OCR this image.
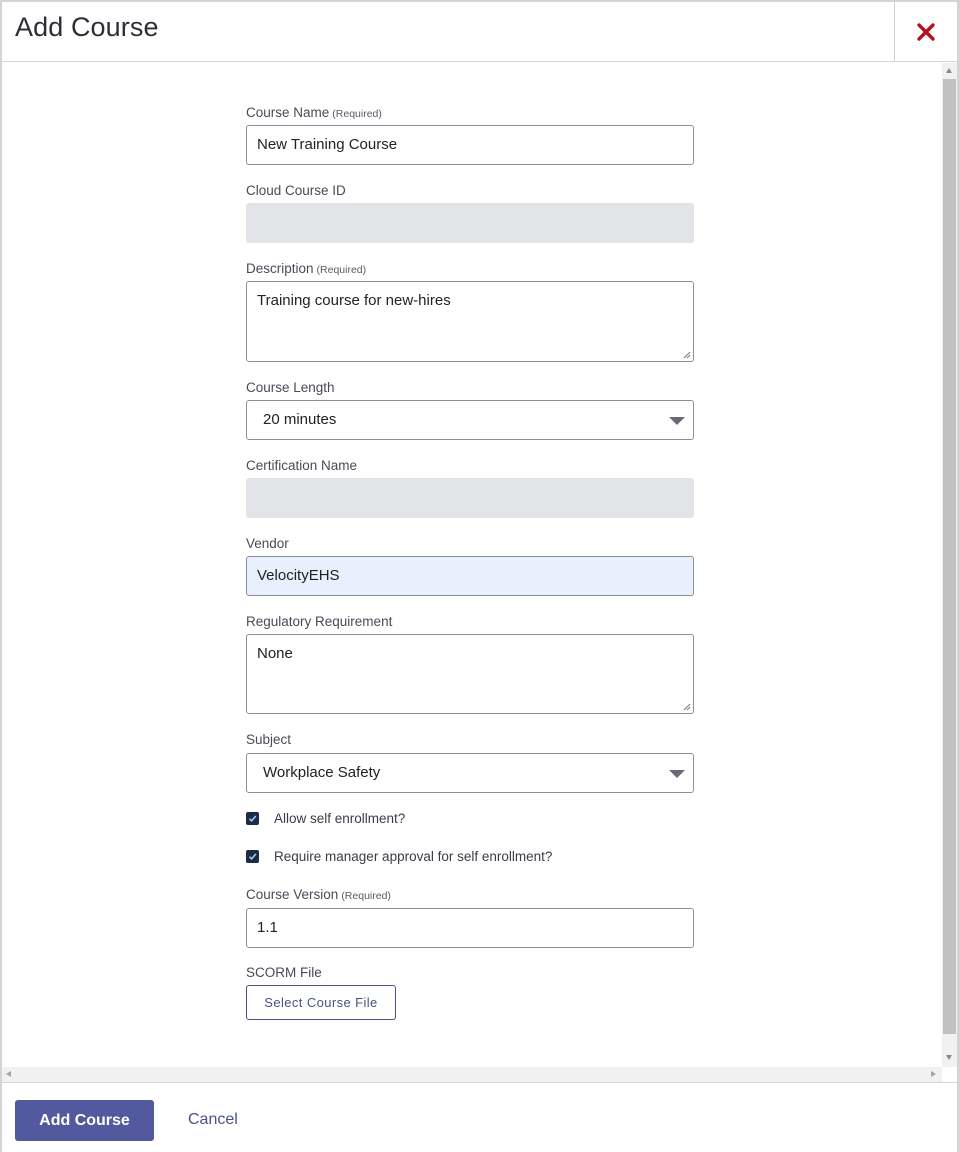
Add Course
Course Name (Required)
New Training Course
Cloud Course ID
Description (Required)
Training course for new-hires
Course Length
20 minutes
Certification Name
Vendor
VelocityEHS
Regulatory Requirement
None
Subject
Workplace Safety
Allow self enrollment?
Require manager approval for self enrollment?
Course Version (Required)
1.1
SCORM File
Select Course File
Add Course	Cancel
